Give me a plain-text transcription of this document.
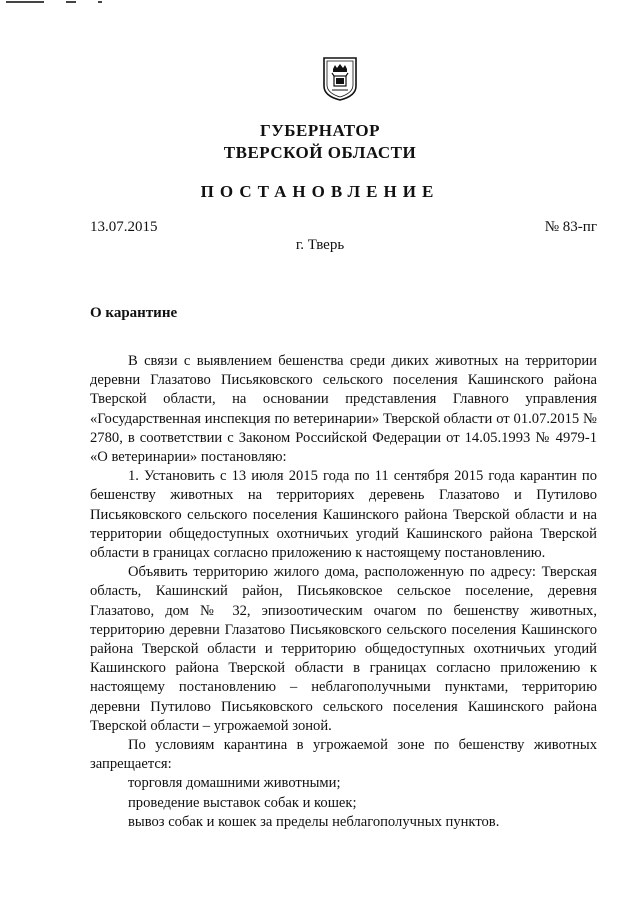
ГУБЕРНАТОР
ТВЕРСКОЙ ОБЛАСТИ
ПОСТАНОВЛЕНИЕ
13.07.2015	№ 83-пг
г. Тверь
О карантине

В связи с выявлением бешенства среди диких животных на территории деревни Глазатово Письяковского сельского поселения Кашинского района Тверской области, на основании представления Главного управления «Государственная инспекция по ветеринарии» Тверской области от 01.07.2015 № 2780, в соответствии с Законом Российской Федерации от 14.05.1993 № 4979-1 «О ветеринарии» постановляю:

1. Установить с 13 июля 2015 года по 11 сентября 2015 года карантин по бешенству животных на территориях деревень Глазатово и Путилово Письяковского сельского поселения Кашинского района Тверской области и на территории общедоступных охотничьих угодий Кашинского района Тверской области в границах согласно приложению к настоящему постановлению.

Объявить территорию жилого дома, расположенную по адресу: Тверская область, Кашинский район, Письяковское сельское поселение, деревня Глазатово, дом № 32, эпизоотическим очагом по бешенству животных, территорию деревни Глазатово Письяковского сельского поселения Кашинского района Тверской области и территорию общедоступных охотничьих угодий Кашинского района Тверской области в границах согласно приложению к настоящему постановлению – неблагополучными пунктами, территорию деревни Путилово Письяковского сельского поселения Кашинского района Тверской области – угрожаемой зоной.

По условиям карантина в угрожаемой зоне по бешенству животных запрещается:

торговля домашними животными;

проведение выставок собак и кошек;

вывоз собак и кошек за пределы неблагополучных пунктов.
